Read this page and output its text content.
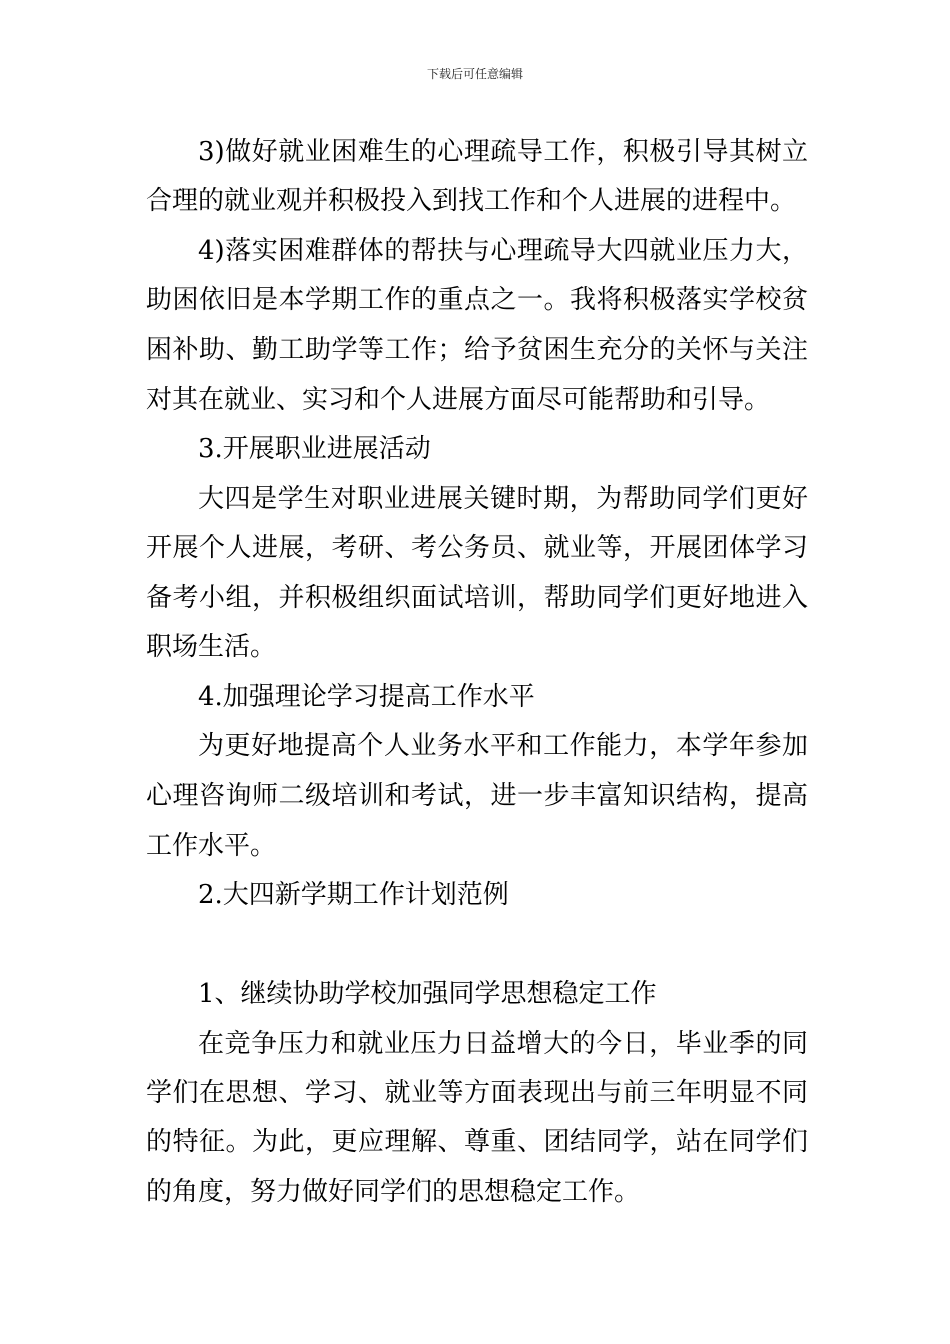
下载后可任意编辑
3)做好就业困难生的心理疏导工作，积极引导其树立
合理的就业观并积极投入到找工作和个人进展的进程中。
4)落实困难群体的帮扶与心理疏导大四就业压力大，
助困依旧是本学期工作的重点之一。我将积极落实学校贫
困补助、勤工助学等工作；给予贫困生充分的关怀与关注
对其在就业、实习和个人进展方面尽可能帮助和引导。
3.开展职业进展活动
大四是学生对职业进展关键时期，为帮助同学们更好
开展个人进展，考研、考公务员、就业等，开展团体学习
备考小组，并积极组织面试培训，帮助同学们更好地进入
职场生活。
4.加强理论学习提高工作水平
为更好地提高个人业务水平和工作能力，本学年参加
心理咨询师二级培训和考试，进一步丰富知识结构，提高
工作水平。
2.大四新学期工作计划范例
1、继续协助学校加强同学思想稳定工作
在竞争压力和就业压力日益增大的今日，毕业季的同
学们在思想、学习、就业等方面表现出与前三年明显不同
的特征。为此，更应理解、尊重、团结同学，站在同学们
的角度，努力做好同学们的思想稳定工作。
